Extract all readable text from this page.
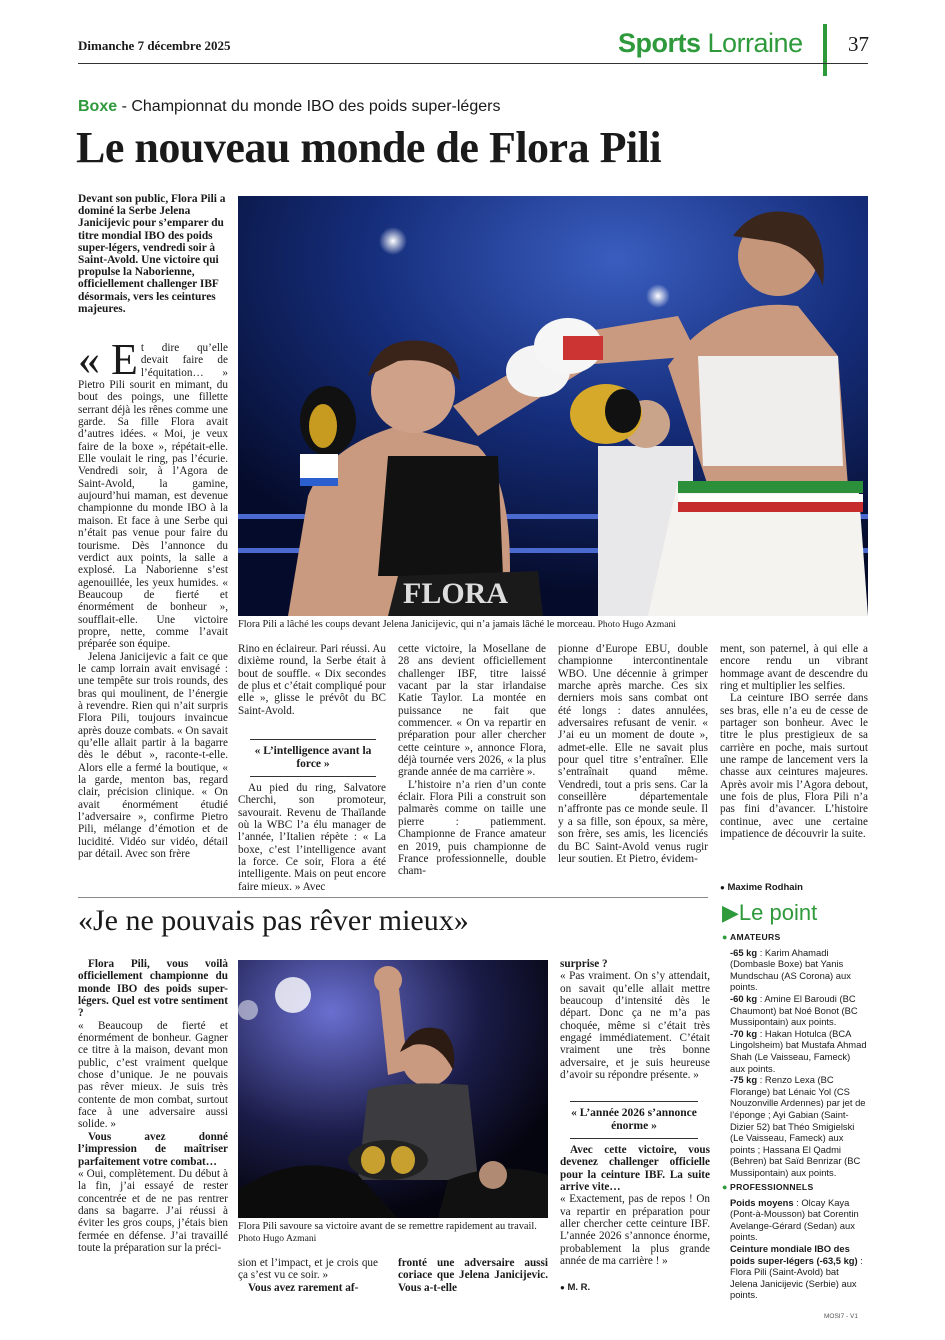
Dimanche 7 décembre 2025	Sports Lorraine 37
Boxe - Championnat du monde IBO des poids super-légers
Le nouveau monde de Flora Pili
Devant son public, Flora Pili a dominé la Serbe Jelena Janicijevic pour s’emparer du titre mondial IBO des poids super-légers, vendredi soir à Saint-Avold. Une victoire qui propulse la Naborienne, officiellement challenger IBF désormais, vers les ceintures majeures.

« E t dire qu’elle devait faire de l’équitation… » Pietro Pili sourit en mimant, du bout des poings, une fillette serrant déjà les rênes comme une garde. Sa fille Flora avait d’autres idées. « Moi, je veux faire de la boxe », répétait-elle. Elle voulait le ring, pas l’écurie. Vendredi soir, à l’Agora de Saint-Avold, la gamine, aujourd’hui maman, est devenue championne du monde IBO à la maison. Et face à une Serbe qui n’était pas venue pour faire du tourisme. Dès l’annonce du verdict aux points, la salle a explosé. La Naborienne s’est agenouillée, les yeux humides. « Beaucoup de fierté et énormément de bonheur », soufflait-elle. Une victoire propre, nette, comme l’avait préparée son équipe.

Jelena Janicijevic a fait ce que le camp lorrain avait envisagé : une tempête sur trois rounds, des bras qui moulinent, de l’énergie à revendre. Rien qui n’ait surpris Flora Pili, toujours invaincue après douze combats. « On savait qu’elle allait partir à la bagarre dès le début », raconte-t-elle. Alors elle a fermé la boutique, « la garde, menton bas, regard clair, précision clinique. « On avait énormément étudié l’adversaire », confirme Pietro Pili, mélange d’émotion et de lucidité. Vidéo sur vidéo, détail par détail. Avec son frère

FLORA
Flora Pili a lâché les coups devant Jelena Janicijevic, qui n’a jamais lâché le morceau. Photo Hugo Azmani

Rino en éclaireur. Pari réussi. Au dixième round, la Serbe était à bout de souffle. « Dix secondes de plus et c’était compliqué pour elle », glisse le prévôt du BC Saint-Avold.

« L’intelligence avant la force »

Au pied du ring, Salvatore Cherchi, son promoteur, savourait. Revenu de Thaïlande où la WBC l’a élu manager de l’année, l’Italien répète : « La boxe, c’est l’intelligence avant la force. Ce soir, Flora a été intelligente. Mais on peut encore faire mieux. » Avec

cette victoire, la Mosellane de 28 ans devient officiellement challenger IBF, titre laissé vacant par la star irlandaise Katie Taylor. La montée en puissance ne fait que commencer. « On va repartir en préparation pour aller chercher cette ceinture », annonce Flora, déjà tournée vers 2026, « la plus grande année de ma carrière ».

L’histoire n’a rien d’un conte éclair. Flora Pili a construit son palmarès comme on taille une pierre : patiemment. Championne de France amateur en 2019, puis championne de France professionnelle, double cham-

pionne d’Europe EBU, double championne intercontinentale WBO. Une décennie à grimper marche après marche. Ces six derniers mois sans combat ont été longs : dates annulées, adversaires refusant de venir. « J’ai eu un moment de doute », admet-elle. Elle ne savait plus pour quel titre s’entraîner. Elle s’entraînait quand même. Vendredi, tout a pris sens. Car la conseillère départementale n’affronte pas ce monde seule. Il y a sa fille, son époux, sa mère, son frère, ses amis, les licenciés du BC Saint-Avold venus rugir leur soutien. Et Pietro, évidem-

ment, son paternel, à qui elle a encore rendu un vibrant hommage avant de descendre du ring et multiplier les selfies.

La ceinture IBO serrée dans ses bras, elle n’a eu de cesse de partager son bonheur. Avec le titre le plus prestigieux de sa carrière en poche, mais surtout une rampe de lancement vers la chasse aux ceintures majeures. Après avoir mis l’Agora debout, une fois de plus, Flora Pili n’a pas fini d’avancer. L’histoire continue, avec une certaine impatience de découvrir la suite.

● Maxime Rodhain
«Je ne pouvais pas rêver mieux»

Flora Pili, vous voilà officiellement championne du monde IBO des poids super-légers. Quel est votre sentiment ?

« Beaucoup de fierté et énormément de bonheur. Gagner ce titre à la maison, devant mon public, c’est vraiment quelque chose d’unique. Je ne pouvais pas rêver mieux. Je suis très contente de mon combat, surtout face à une adversaire aussi solide. »

Vous avez donné l’impression de maîtriser parfaitement votre combat…

« Oui, complètement. Du début à la fin, j’ai essayé de rester concentrée et de ne pas rentrer dans sa bagarre. J’ai réussi à éviter les gros coups, j’étais bien fermée en défense. J’ai travaillé toute la préparation sur la préci-

Flora Pili savoure sa victoire avant de se remettre rapidement au travail. Photo Hugo Azmani

sion et l’impact, et je crois que ça s’est vu ce soir. »

Vous avez rarement af-

fronté une adversaire aussi coriace que Jelena Janicijevic. Vous a-t-elle

surprise ?

« Pas vraiment. On s’y attendait, on savait qu’elle allait mettre beaucoup d’intensité dès le départ. Donc ça ne m’a pas choquée, même si c’était très engagé immédiatement. C’était vraiment une très bonne adversaire, et je suis heureuse d’avoir su répondre présente. »

« L’année 2026 s’annonce énorme »

Avec cette victoire, vous devenez challenger officielle pour la ceinture IBF. La suite arrive vite…

« Exactement, pas de repos ! On va repartir en préparation pour aller chercher cette ceinture IBF. L’année 2026 s’annonce énorme, probablement la plus grande année de ma carrière ! »

● M. R.
▶Le point
● AMATEURS
-65 kg : Karim Ahamadi (Dombasle Boxe) bat Yanis Mundschau (AS Corona) aux points.
-60 kg : Amine El Baroudi (BC Chaumont) bat Noé Bonot (BC Mussipontain) aux points.
-70 kg : Hakan Hotulca (BCA Lingolsheim) bat Mustafa Ahmad Shah (Le Vaisseau, Fameck) aux points.
-75 kg : Renzo Lexa (BC Florange) bat Lénaic Yol (CS Nouzonville Ardennes) par jet de l’éponge ; Ayi Gabian (Saint-Dizier 52) bat Théo Smigielski (Le Vaisseau, Fameck) aux points ; Hassana El Qadmi (Behren) bat Saïd Benrizar (BC Mussipontain) aux points.
● PROFESSIONNELS
Poids moyens : Olcay Kaya (Pont-à-Mousson) bat Corentin Avelange-Gérard (Sedan) aux points.
Ceinture mondiale IBO des poids super-légers (-63,5 kg) : Flora Pili (Saint-Avold) bat Jelena Janicijevic (Serbie) aux points.
MOSI7 - V1
